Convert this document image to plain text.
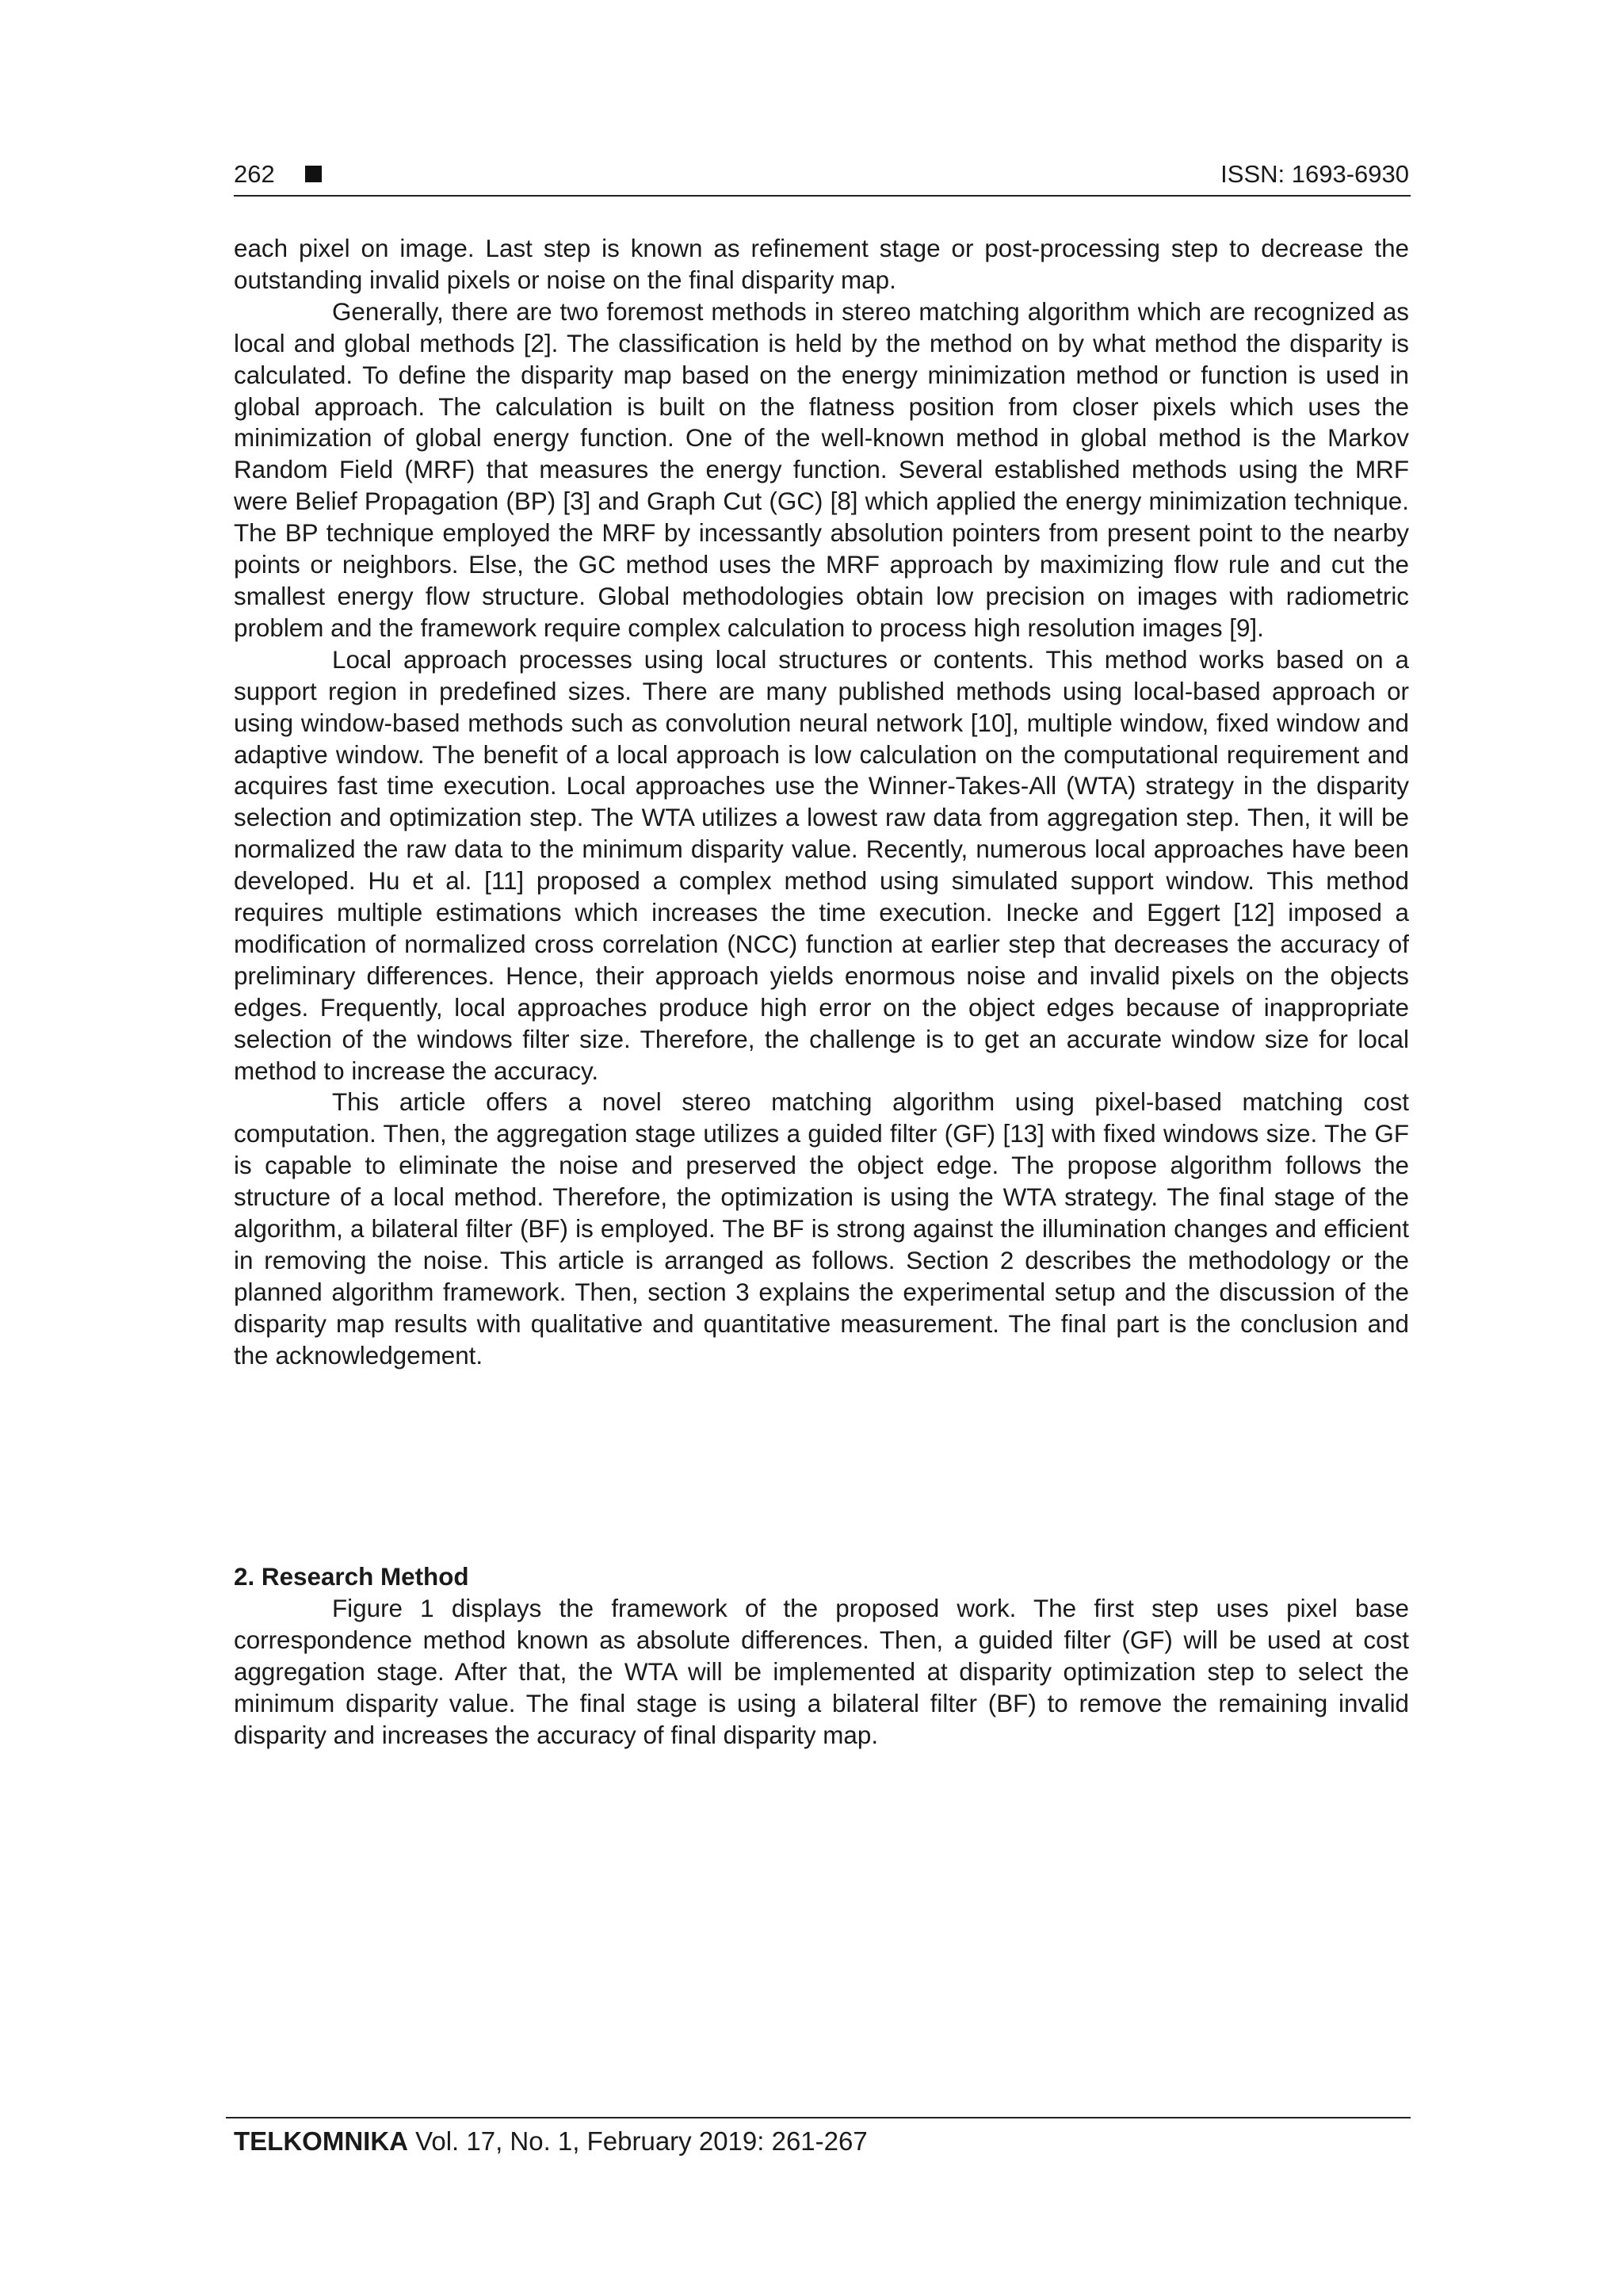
262	ISSN: 1693-6930

each pixel on image. Last step is known as refinement stage or post-processing step to decrease the outstanding invalid pixels or noise on the final disparity map.

Generally, there are two foremost methods in stereo matching algorithm which are recognized as local and global methods [2]. The classification is held by the method on by what method the disparity is calculated. To define the disparity map based on the energy minimization method or function is used in global approach. The calculation is built on the flatness position from closer pixels which uses the minimization of global energy function. One of the well-known method in global method is the Markov Random Field (MRF) that measures the energy function. Several established methods using the MRF were Belief Propagation (BP) [3] and Graph Cut (GC) [8] which applied the energy minimization technique. The BP technique employed the MRF by incessantly absolution pointers from present point to the nearby points or neighbors. Else, the GC method uses the MRF approach by maximizing flow rule and cut the smallest energy flow structure. Global methodologies obtain low precision on images with radiometric problem and the framework require complex calculation to process high resolution images [9].

Local approach processes using local structures or contents. This method works based on a support region in predefined sizes. There are many published methods using local-based approach or using window-based methods such as convolution neural network [10], multiple window, fixed window and adaptive window. The benefit of a local approach is low calculation on the computational requirement and acquires fast time execution. Local approaches use the Winner-Takes-All (WTA) strategy in the disparity selection and optimization step. The WTA utilizes a lowest raw data from aggregation step. Then, it will be normalized the raw data to the minimum disparity value. Recently, numerous local approaches have been developed. Hu et al. [11] proposed a complex method using simulated support window. This method requires multiple estimations which increases the time execution. Inecke and Eggert [12] imposed a modification of normalized cross correlation (NCC) function at earlier step that decreases the accuracy of preliminary differences. Hence, their approach yields enormous noise and invalid pixels on the objects edges. Frequently, local approaches produce high error on the object edges because of inappropriate selection of the windows filter size. Therefore, the challenge is to get an accurate window size for local method to increase the accuracy.

This article offers a novel stereo matching algorithm using pixel-based matching cost computation. Then, the aggregation stage utilizes a guided filter (GF) [13] with fixed windows size. The GF is capable to eliminate the noise and preserved the object edge. The propose algorithm follows the structure of a local method. Therefore, the optimization is using the WTA strategy. The final stage of the algorithm, a bilateral filter (BF) is employed. The BF is strong against the illumination changes and efficient in removing the noise. This article is arranged as follows. Section 2 describes the methodology or the planned algorithm framework. Then, section 3 explains the experimental setup and the discussion of the disparity map results with qualitative and quantitative measurement. The final part is the conclusion and the acknowledgement.

2. Research Method

Figure 1 displays the framework of the proposed work. The first step uses pixel base correspondence method known as absolute differences. Then, a guided filter (GF) will be used at cost aggregation stage. After that, the WTA will be implemented at disparity optimization step to select the minimum disparity value. The final stage is using a bilateral filter (BF) to remove the remaining invalid disparity and increases the accuracy of final disparity map.

TELKOMNIKA Vol. 17, No. 1, February 2019: 261-267
